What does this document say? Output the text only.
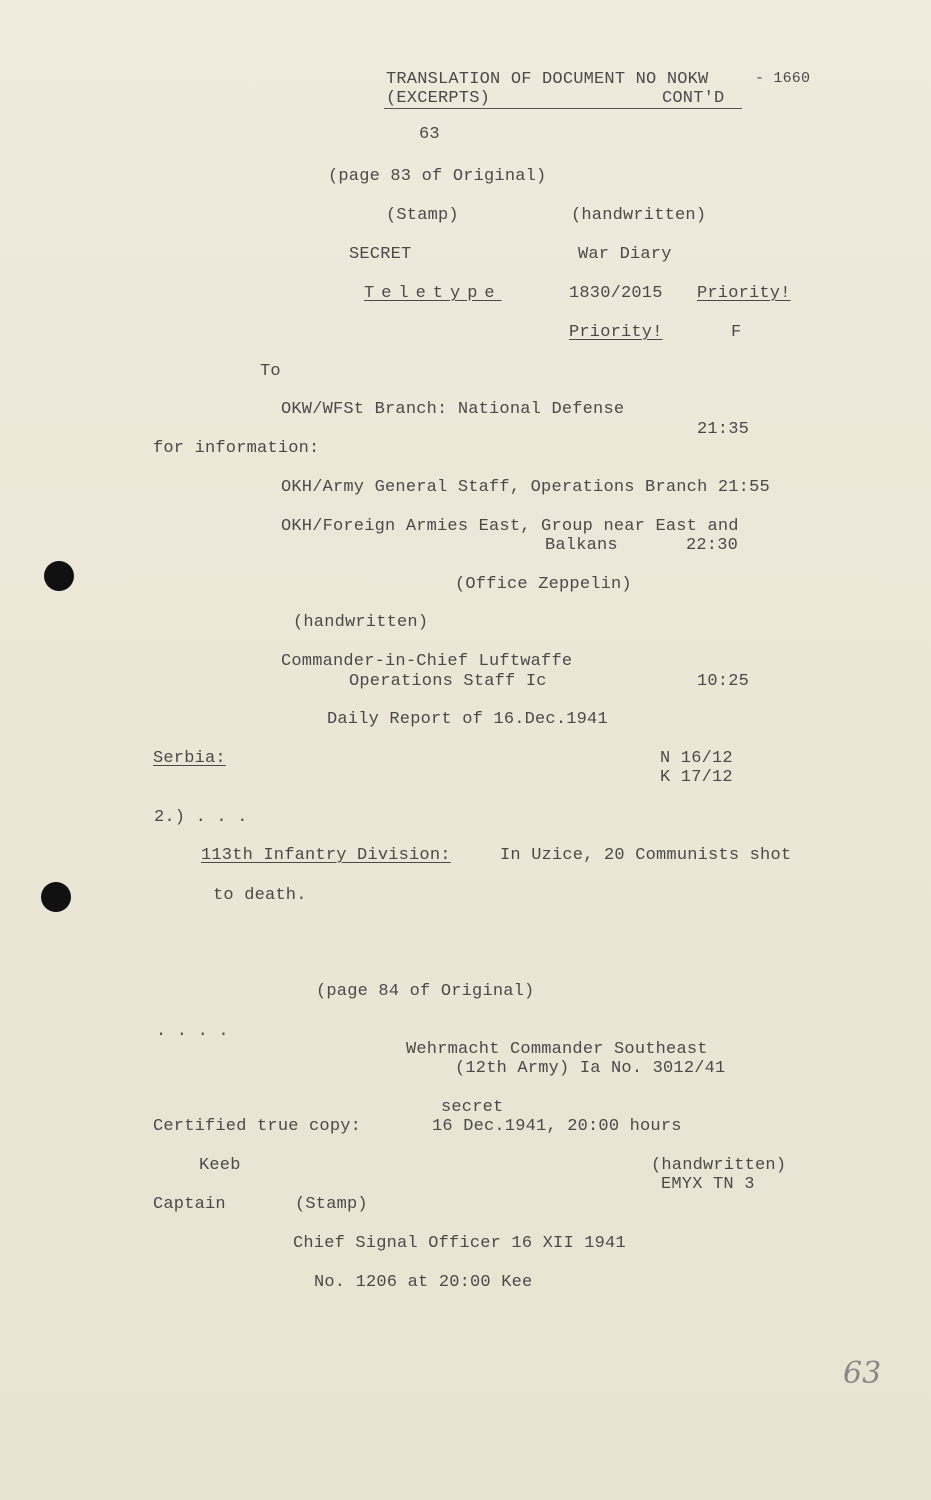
TRANSLATION OF DOCUMENT NO NOKW	- 1660
(EXCERPTS)	CONT'D
63
(page 83 of Original)
(Stamp)	(handwritten)
SECRET	War Diary
Teletype	1830/2015 Priority!
Priority!	F
To
OKW/WFSt Branch: National Defense
21:35
for information:
OKH/Army General Staff, Operations Branch 21:55
OKH/Foreign Armies East, Group near East and
Balkans	22:30
(Office Zeppelin)
(handwritten)
Commander-in-Chief Luftwaffe
Operations Staff Ic	10:25
Daily Report of 16.Dec.1941
Serbia:	N 16/12
K 17/12
2.) . . .
113th Infantry Division:	In Uzice, 20 Communists shot
to death.
(page 84 of Original)
. . . .
Wehrmacht Commander Southeast
(12th Army) Ia No. 3012/41
secret
Certified true copy:	16 Dec.1941, 20:00 hours
Keeb	(handwritten)
EMYX TN 3
Captain	(Stamp)
Chief Signal Officer 16 XII 1941
No. 1206 at 20:00 Kee
63
